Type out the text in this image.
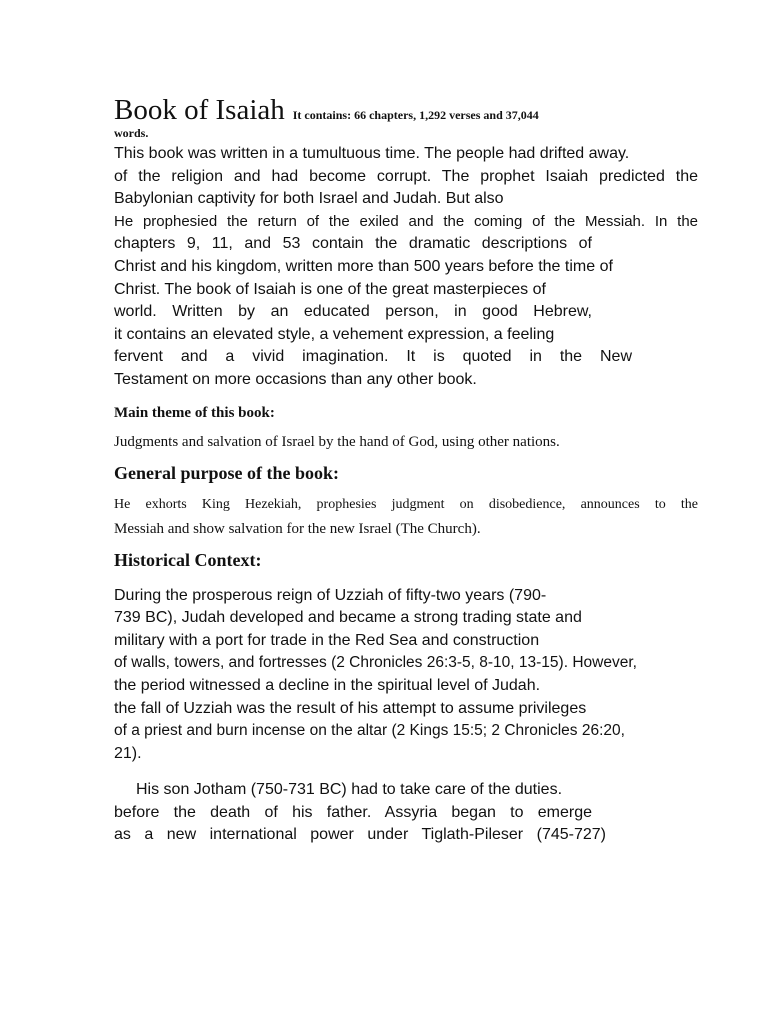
Book of Isaiah It contains: 66 chapters, 1,292 verses and 37,044
words.
This book was written in a tumultuous time. The people had drifted away.
of the religion and had become corrupt. The prophet Isaiah predicted the
Babylonian captivity for both Israel and Judah. But also
He prophesied the return of the exiled and the coming of the Messiah. In the
chapters 9, 11, and 53 contain the dramatic descriptions of
Christ and his kingdom, written more than 500 years before the time of
Christ. The book of Isaiah is one of the great masterpieces of
world. Written by an educated person, in good Hebrew,
it contains an elevated style, a vehement expression, a feeling
fervent and a vivid imagination. It is quoted in the New
Testament on more occasions than any other book.

Main theme of this book:

Judgments and salvation of Israel by the hand of God, using other nations.

General purpose of the book:

He exhorts King Hezekiah, prophesies judgment on disobedience, announces to the
Messiah and show salvation for the new Israel (The Church).

Historical Context:

During the prosperous reign of Uzziah of fifty-two years (790-
739 BC), Judah developed and became a strong trading state and
military with a port for trade in the Red Sea and construction
of walls, towers, and fortresses (2 Chronicles 26:3-5, 8-10, 13-15). However,
the period witnessed a decline in the spiritual level of Judah.
the fall of Uzziah was the result of his attempt to assume privileges
of a priest and burn incense on the altar (2 Kings 15:5; 2 Chronicles 26:20,
21).
His son Jotham (750-731 BC) had to take care of the duties.
before the death of his father. Assyria began to emerge
as a new international power under Tiglath-Pileser (745-727)
